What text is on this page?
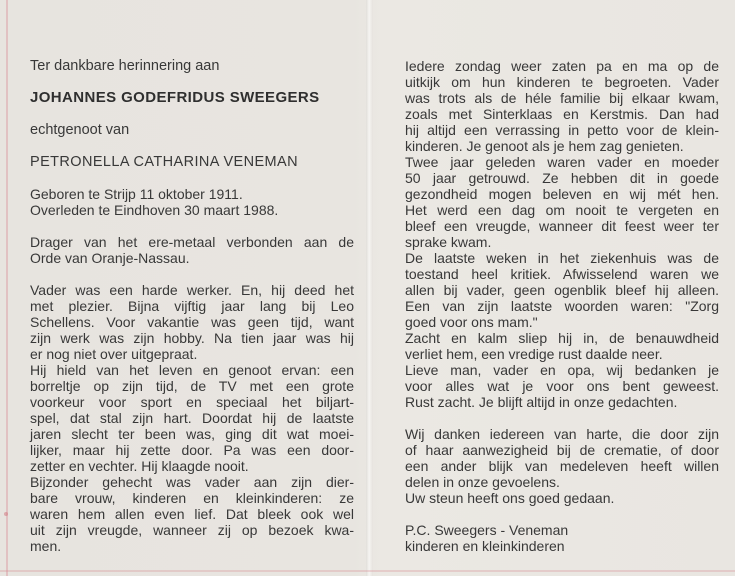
Ter dankbare herinnering aan
JOHANNES GODEFRIDUS SWEEGERS
echtgenoot van
PETRONELLA CATHARINA VENEMAN
Geboren te Strijp 11 oktober 1911.
Overleden te Eindhoven 30 maart 1988.
Drager van het ere-metaal verbonden aan de
Orde van Oranje-Nassau.
Vader was een harde werker. En, hij deed het
met plezier. Bijna vijftig jaar lang bij Leo
Schellens. Voor vakantie was geen tijd, want
zijn werk was zijn hobby. Na tien jaar was hij
er nog niet over uitgepraat.
Hij hield van het leven en genoot ervan: een
borreltje op zijn tijd, de TV met een grote
voorkeur voor sport en speciaal het biljart-
spel, dat stal zijn hart. Doordat hij de laatste
jaren slecht ter been was, ging dit wat moei-
lijker, maar hij zette door. Pa was een door-
zetter en vechter. Hij klaagde nooit.
Bijzonder gehecht was vader aan zijn dier-
bare vrouw, kinderen en kleinkinderen: ze
waren hem allen even lief. Dat bleek ook wel
uit zijn vreugde, wanneer zij op bezoek kwa-
men.
Iedere zondag weer zaten pa en ma op de
uitkijk om hun kinderen te begroeten. Vader
was trots als de héle familie bij elkaar kwam,
zoals met Sinterklaas en Kerstmis. Dan had
hij altijd een verrassing in petto voor de klein-
kinderen. Je genoot als je hem zag genieten.
Twee jaar geleden waren vader en moeder
50 jaar getrouwd. Ze hebben dit in goede
gezondheid mogen beleven en wij mét hen.
Het werd een dag om nooit te vergeten en
bleef een vreugde, wanneer dit feest weer ter
sprake kwam.
De laatste weken in het ziekenhuis was de
toestand heel kritiek. Afwisselend waren we
allen bij vader, geen ogenblik bleef hij alleen.
Een van zijn laatste woorden waren: "Zorg
goed voor ons mam."
Zacht en kalm sliep hij in, de benauwdheid
verliet hem, een vredige rust daalde neer.
Lieve man, vader en opa, wij bedanken je
voor alles wat je voor ons bent geweest.
Rust zacht. Je blijft altijd in onze gedachten.
Wij danken iedereen van harte, die door zijn
of haar aanwezigheid bij de crematie, of door
een ander blijk van medeleven heeft willen
delen in onze gevoelens.
Uw steun heeft ons goed gedaan.
P.C. Sweegers - Veneman
kinderen en kleinkinderen
